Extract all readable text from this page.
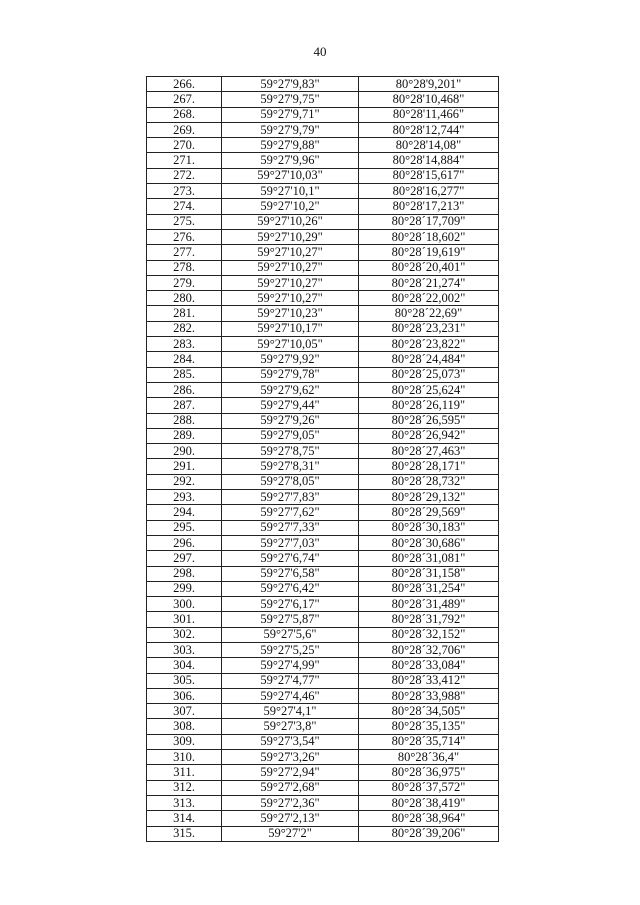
40
266.	59°27'9,83"	80°28'9,201"
267.	59°27'9,75"	80°28'10,468"
268.	59°27'9,71"	80°28'11,466"
269.	59°27'9,79"	80°28'12,744"
270.	59°27'9,88"	80°28'14,08"
271.	59°27'9,96"	80°28'14,884"
272.	59°27'10,03"	80°28'15,617"
273.	59°27'10,1"	80°28'16,277"
274.	59°27'10,2"	80°28'17,213"
275.	59°27'10,26"	80°28´17,709"
276.	59°27'10,29"	80°28´18,602"
277.	59°27'10,27"	80°28´19,619"
278.	59°27'10,27"	80°28´20,401"
279.	59°27'10,27"	80°28´21,274"
280.	59°27'10,27"	80°28´22,002"
281.	59°27'10,23"	80°28´22,69"
282.	59°27'10,17"	80°28´23,231"
283.	59°27'10,05"	80°28´23,822"
284.	59°27'9,92"	80°28´24,484"
285.	59°27'9,78"	80°28´25,073"
286.	59°27'9,62"	80°28´25,624"
287.	59°27'9,44"	80°28´26,119"
288.	59°27'9,26"	80°28´26,595"
289.	59°27'9,05"	80°28´26,942"
290.	59°27'8,75"	80°28´27,463"
291.	59°27'8,31"	80°28´28,171"
292.	59°27'8,05"	80°28´28,732"
293.	59°27'7,83"	80°28´29,132"
294.	59°27'7,62"	80°28´29,569"
295.	59°27'7,33"	80°28´30,183"
296.	59°27'7,03"	80°28´30,686"
297.	59°27'6,74"	80°28´31,081"
298.	59°27'6,58"	80°28´31,158"
299.	59°27'6,42"	80°28´31,254"
300.	59°27'6,17"	80°28´31,489"
301.	59°27'5,87"	80°28´31,792"
302.	59°27'5,6"	80°28´32,152"
303.	59°27'5,25"	80°28´32,706"
304.	59°27'4,99"	80°28´33,084"
305.	59°27'4,77"	80°28´33,412"
306.	59°27'4,46"	80°28´33,988"
307.	59°27'4,1"	80°28´34,505"
308.	59°27'3,8"	80°28´35,135"
309.	59°27'3,54"	80°28´35,714"
310.	59°27'3,26"	80°28´36,4"
311.	59°27'2,94"	80°28´36,975"
312.	59°27'2,68"	80°28´37,572"
313.	59°27'2,36"	80°28´38,419"
314.	59°27'2,13"	80°28´38,964"
315.	59°27'2"	80°28´39,206"
